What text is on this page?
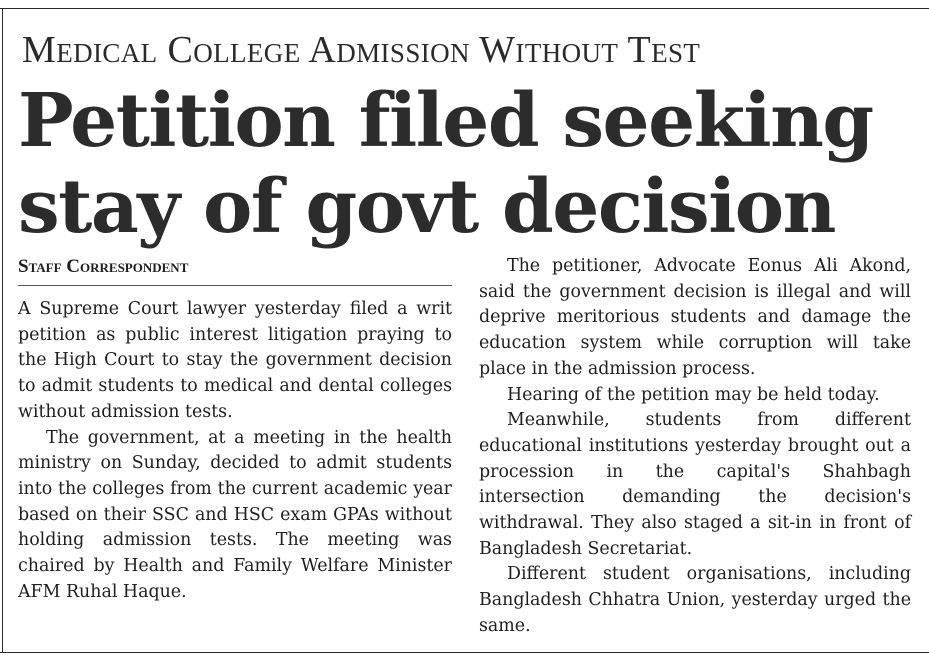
Medical College Admission Without Test
Petition filed seeking
stay of govt decision
Staff Correspondent

A Supreme Court lawyer yesterday filed a writ petition as public interest litigation praying to the High Court to stay the government decision to admit students to medical and dental colleges without admission tests.

The government, at a meeting in the health ministry on Sunday, decided to admit students into the colleges from the current academic year based on their SSC and HSC exam GPAs without holding admission tests. The meeting was chaired by Health and Family Welfare Minister AFM Ruhal Haque.

The petitioner, Advocate Eonus Ali Akond, said the government decision is illegal and will deprive meritorious students and damage the education system while corruption will take place in the admission process.

Hearing of the petition may be held today.

Meanwhile, students from different educational institutions yesterday brought out a procession in the capital's Shahbagh intersection demanding the decision's withdrawal. They also staged a sit-in in front of Bangladesh Secretariat.

Different student organisations, including Bangladesh Chhatra Union, yesterday urged the same.
